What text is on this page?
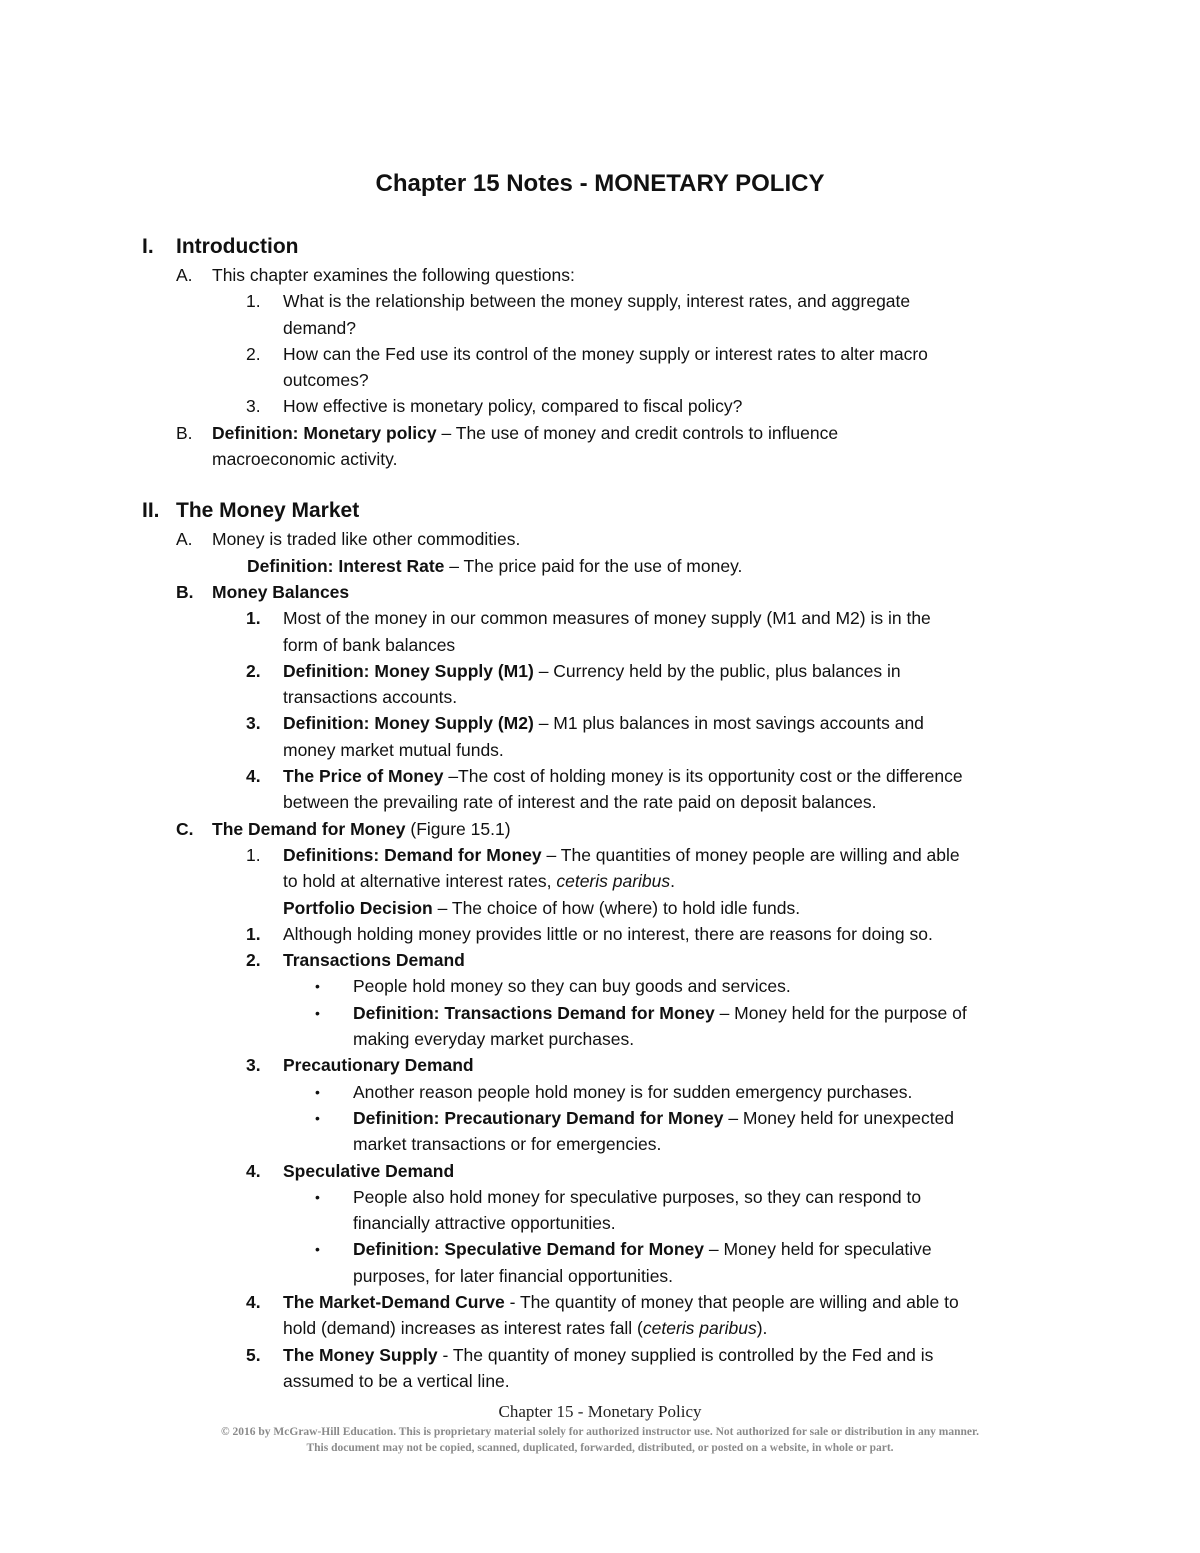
Chapter 15 Notes - MONETARY POLICY
I. Introduction
A. This chapter examines the following questions:
1. What is the relationship between the money supply, interest rates, and aggregate
demand?
2. How can the Fed use its control of the money supply or interest rates to alter macro
outcomes?
3. How effective is monetary policy, compared to fiscal policy?
B. Definition: Monetary policy – The use of money and credit controls to influence
macroeconomic activity.
II. The Money Market
A. Money is traded like other commodities.
Definition: Interest Rate – The price paid for the use of money.
B. Money Balances
1. Most of the money in our common measures of money supply (M1 and M2) is in the
form of bank balances
2. Definition: Money Supply (M1) – Currency held by the public, plus balances in
transactions accounts.
3. Definition: Money Supply (M2) – M1 plus balances in most savings accounts and
money market mutual funds.
4. The Price of Money –The cost of holding money is its opportunity cost or the difference
between the prevailing rate of interest and the rate paid on deposit balances.
C. The Demand for Money (Figure 15.1)
1. Definitions: Demand for Money – The quantities of money people are willing and able
to hold at alternative interest rates, ceteris paribus.
Portfolio Decision – The choice of how (where) to hold idle funds.
1. Although holding money provides little or no interest, there are reasons for doing so.
2. Transactions Demand
• People hold money so they can buy goods and services.
• Definition: Transactions Demand for Money – Money held for the purpose of
making everyday market purchases.
3. Precautionary Demand
• Another reason people hold money is for sudden emergency purchases.
• Definition: Precautionary Demand for Money – Money held for unexpected
market transactions or for emergencies.
4. Speculative Demand
• People also hold money for speculative purposes, so they can respond to
financially attractive opportunities.
• Definition: Speculative Demand for Money – Money held for speculative
purposes, for later financial opportunities.
4. The Market-Demand Curve - The quantity of money that people are willing and able to
hold (demand) increases as interest rates fall (ceteris paribus).
5. The Money Supply - The quantity of money supplied is controlled by the Fed and is
assumed to be a vertical line.
Chapter 15 - Monetary Policy
© 2016 by McGraw-Hill Education. This is proprietary material solely for authorized instructor use. Not authorized for sale or distribution in any manner.
This document may not be copied, scanned, duplicated, forwarded, distributed, or posted on a website, in whole or part.
